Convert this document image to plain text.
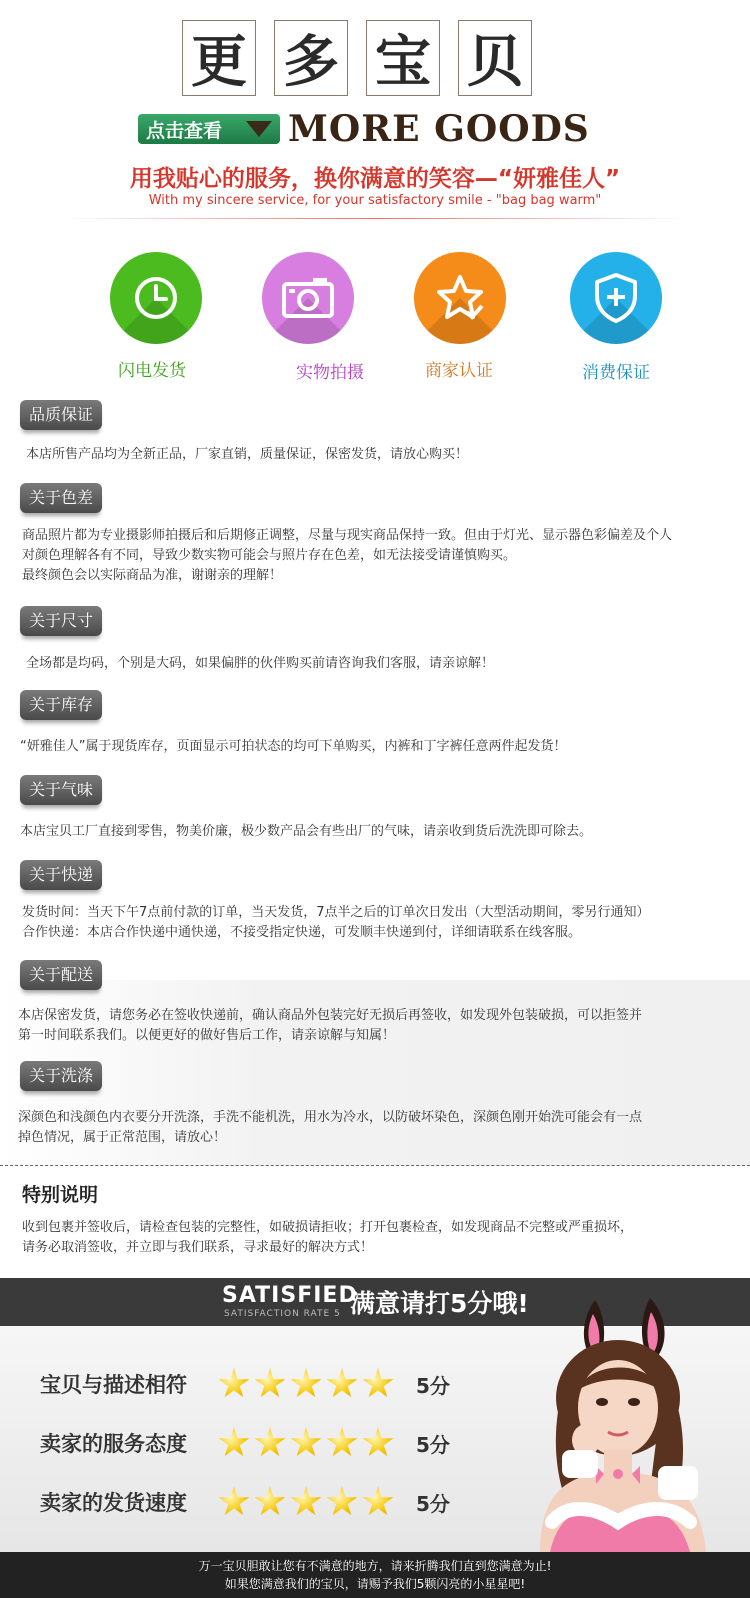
更 多 宝 贝
点击查看 MORE GOODS
用我贴心的服务，换你满意的笑容—“妍雅佳人”
With my sincere service, for your satisfactory smile - "bag bag warm"
闪电发货	实物拍摄	商家认证	消费保证
品质保证

本店所售产品均为全新正品，厂家直销，质量保证，保密发货，请放心购买！

关于色差

商品照片都为专业摄影师拍摄后和后期修正调整，尽量与现实商品保持一致。但由于灯光、显示器色彩偏差及个人

对颜色理解各有不同，导致少数实物可能会与照片存在色差，如无法接受请谨慎购买。

最终颜色会以实际商品为准，谢谢亲的理解！

关于尺寸

全场都是均码，个别是大码，如果偏胖的伙伴购买前请咨询我们客服，请亲谅解！

关于库存

“妍雅佳人”属于现货库存，页面显示可拍状态的均可下单购买，内裤和丁字裤任意两件起发货！

关于气味

本店宝贝工厂直接到零售，物美价廉，极少数产品会有些出厂的气味，请亲收到货后洗洗即可除去。

关于快递

发货时间：当天下午7点前付款的订单，当天发货，7点半之后的订单次日发出（大型活动期间，零另行通知）

合作快递：本店合作快递中通快递，不接受指定快递，可发顺丰快递到付，详细请联系在线客服。

关于配送

本店保密发货，请您务必在签收快递前，确认商品外包装完好无损后再签收，如发现外包装破损，可以拒签并

第一时间联系我们。以便更好的做好售后工作，请亲谅解与知属！

关于洗涤

深颜色和浅颜色内衣要分开洗涤，手洗不能机洗，用水为冷水，以防破坏染色，深颜色刚开始洗可能会有一点

掉色情况，属于正常范围，请放心！

特别说明

收到包裹并签收后，请检查包装的完整性，如破损请拒收；打开包裹检查，如发现商品不完整或严重损坏，

请务必取消签收，并立即与我们联系，寻求最好的解决方式！

SATISFIED
SATISFACTION RATE 5 满意请打5分哦!
宝贝与描述相符	5分
卖家的服务态度	5分
卖家的发货速度	5分
万一宝贝胆敢让您有不满意的地方，请来折腾我们直到您满意为止!
如果您满意我们的宝贝，请赐予我们5颗闪亮的小星星吧!
